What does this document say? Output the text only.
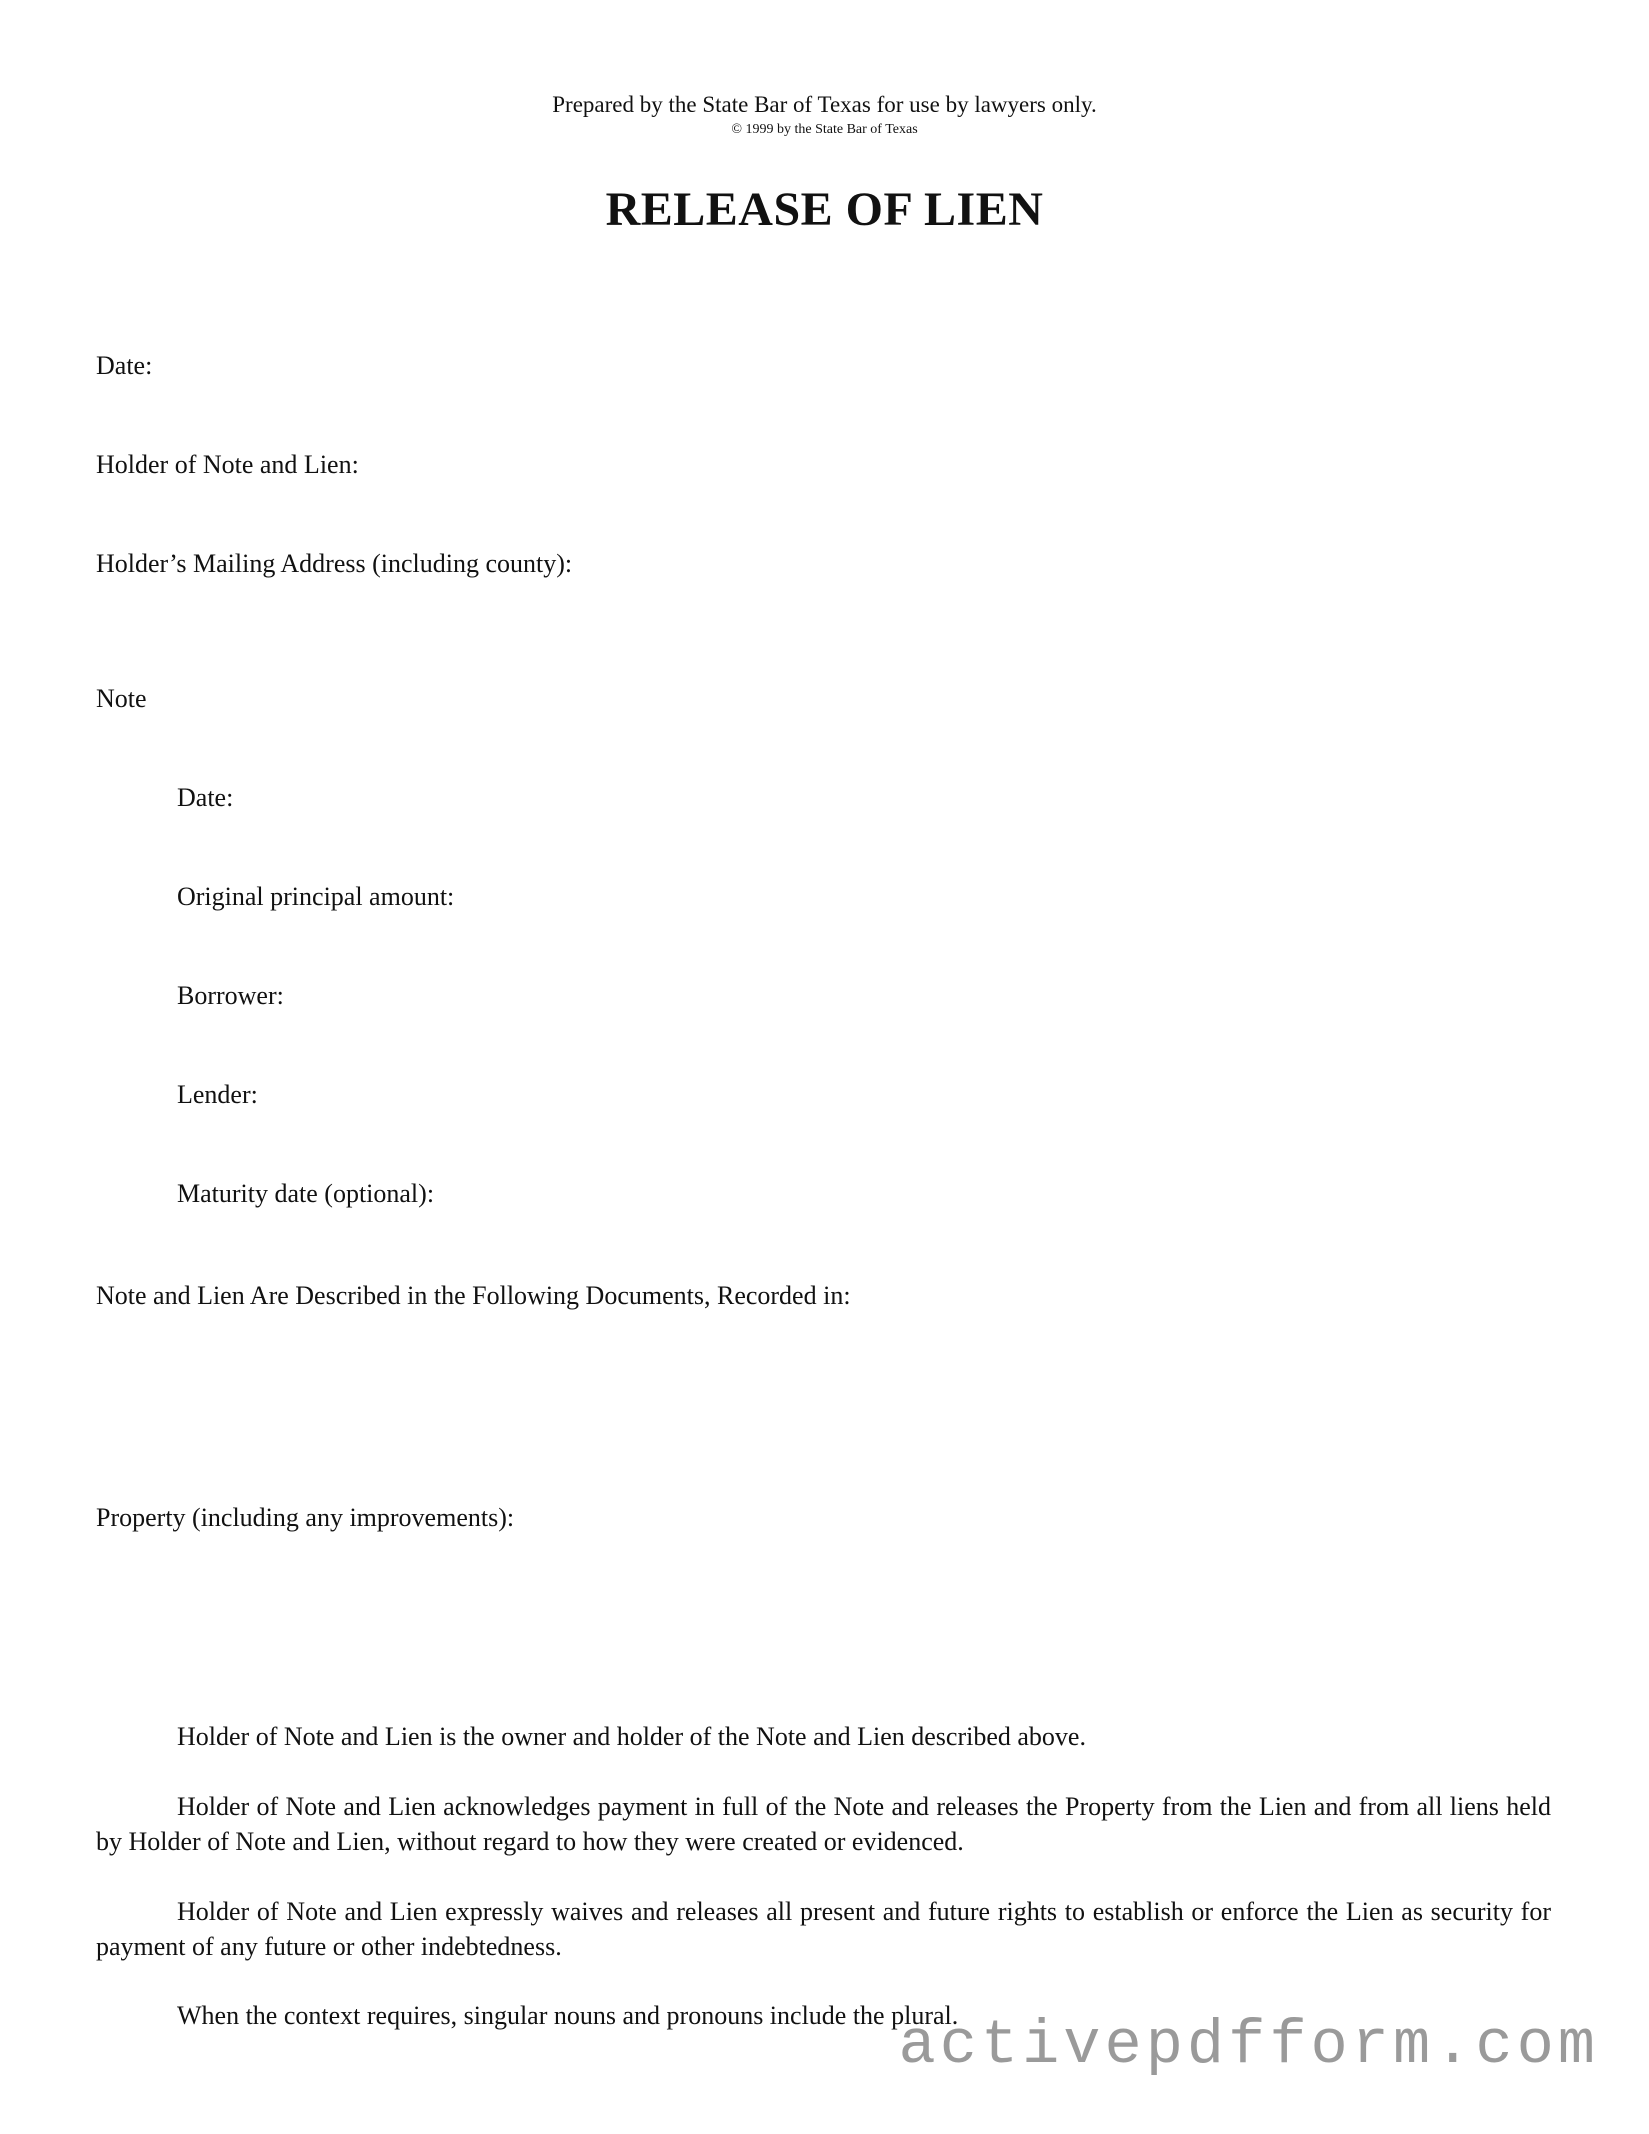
Prepared by the State Bar of Texas for use by lawyers only.
© 1999 by the State Bar of Texas
RELEASE OF LIEN
Date:
Holder of Note and Lien:
Holder’s Mailing Address (including county):
Note
Date:
Original principal amount:
Borrower:
Lender:
Maturity date (optional):
Note and Lien Are Described in the Following Documents, Recorded in:
Property (including any improvements):
Holder of Note and Lien is the owner and holder of the Note and Lien described above.
Holder of Note and Lien acknowledges payment in full of the Note and releases the Property from the Lien and from all liens held by Holder of Note and Lien, without regard to how they were created or evidenced.
Holder of Note and Lien expressly waives and releases all present and future rights to establish or enforce the Lien as security for payment of any future or other indebtedness.
When the context requires, singular nouns and pronouns include the plural.
activepdfform.com
